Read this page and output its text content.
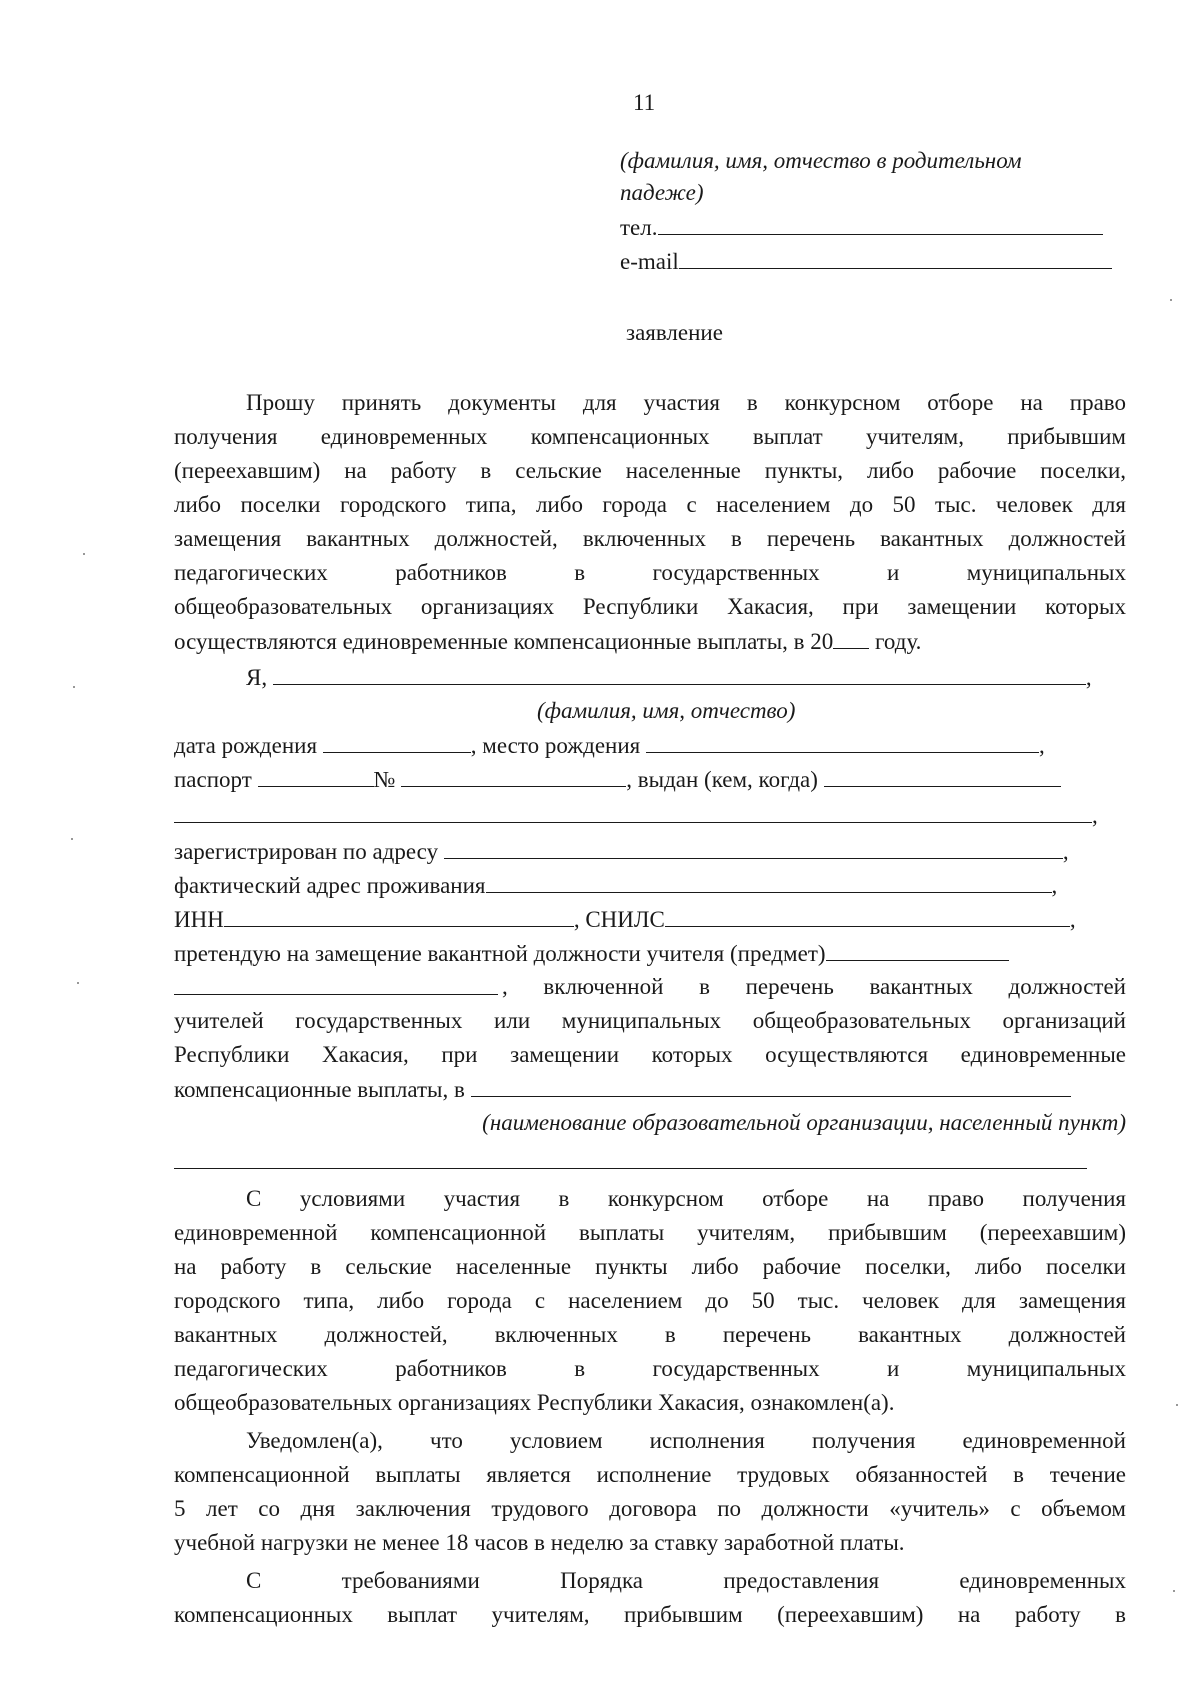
11
(фамилия, имя, отчество в родительном
падеже)
тел.
e-mail
заявление
Прошу принять документы для участия в конкурсном отборе на право
получения единовременных компенсационных выплат учителям, прибывшим
(переехавшим) на работу в сельские населенные пункты, либо рабочие поселки,
либо поселки городского типа, либо города с населением до 50 тыс. человек для
замещения вакантных должностей, включенных в перечень вакантных должностей
педагогических работников в государственных и муниципальных
общеобразовательных организациях Республики Хакасия, при замещении которых
осуществляются единовременные компенсационные выплаты, в 20 году.
Я,	,
(фамилия, имя, отчество)
дата рождения	, место рождения	,
паспорт	№	, выдан (кем, когда)
,
зарегистрирован по адресу	,
фактический адрес проживания	,
ИНН	, СНИЛС	,
претендую на замещение вакантной должности учителя (предмет)
, включенной в перечень вакантных должностей
учителей государственных или муниципальных общеобразовательных организаций
Республики Хакасия, при замещении которых осуществляются единовременные
компенсационные выплаты, в
(наименование образовательной организации, населенный пункт)
С условиями участия в конкурсном отборе на право получения
единовременной компенсационной выплаты учителям, прибывшим (переехавшим)
на работу в сельские населенные пункты либо рабочие поселки, либо поселки
городского типа, либо города с населением до 50 тыс. человек для замещения
вакантных должностей, включенных в перечень вакантных должностей
педагогических работников в государственных и муниципальных
общеобразовательных организациях Республики Хакасия, ознакомлен(а).
Уведомлен(а), что условием исполнения получения единовременной
компенсационной выплаты является исполнение трудовых обязанностей в течение
5 лет со дня заключения трудового договора по должности «учитель» с объемом
учебной нагрузки не менее 18 часов в неделю за ставку заработной платы.
С требованиями Порядка предоставления единовременных
компенсационных выплат учителям, прибывшим (переехавшим) на работу в
